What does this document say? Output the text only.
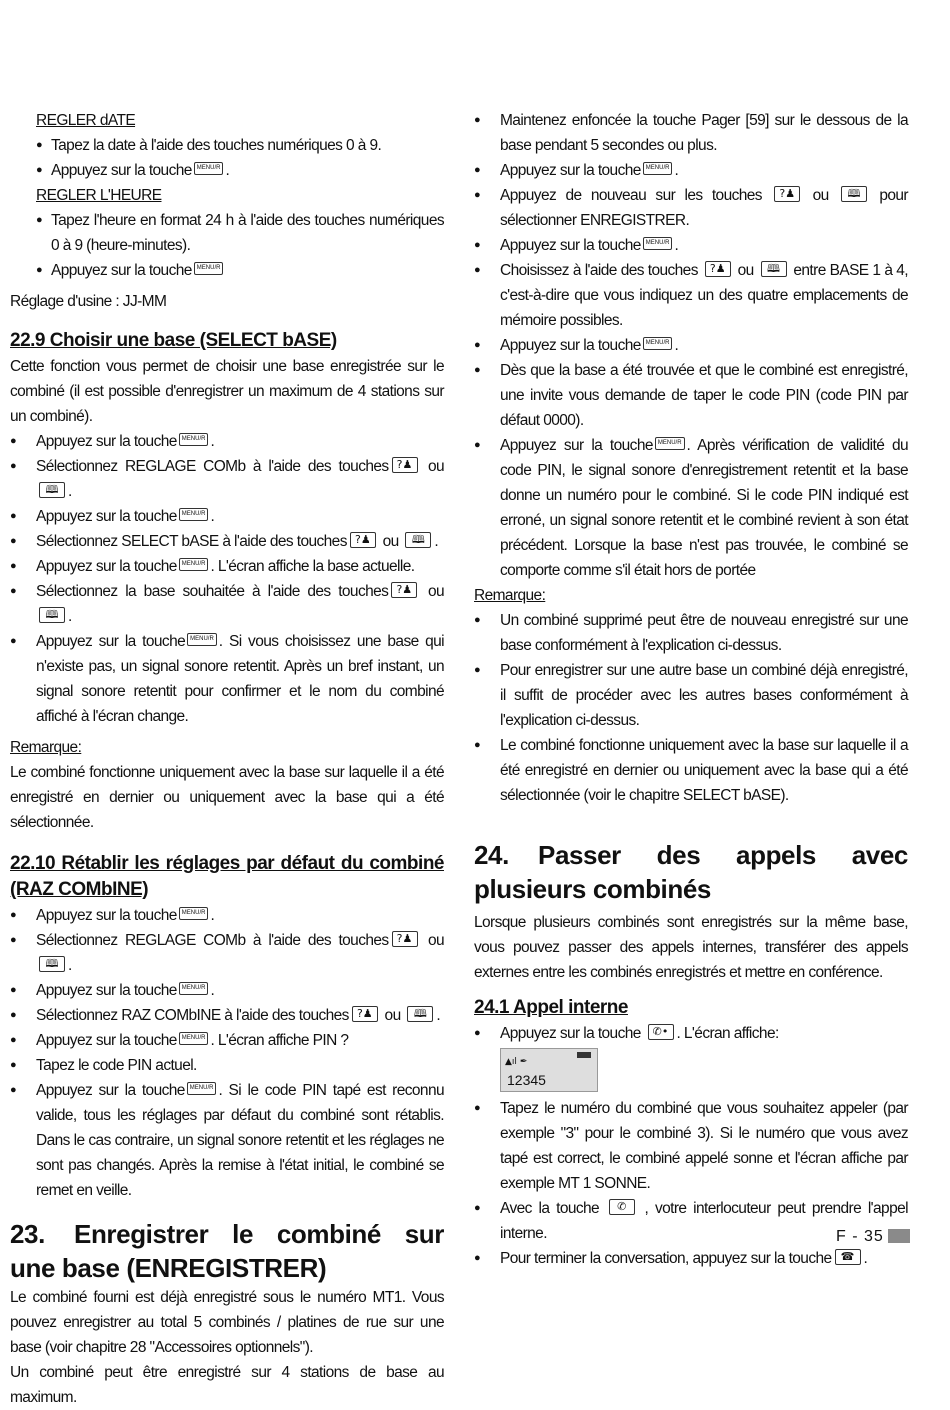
REGLER dATE

● Tapez la date à l'aide des touches numériques 0 à 9.
● Appuyez sur la touche MENU/R .

REGLER L'HEURE

● Tapez l'heure en format 24 h à l'aide des touches numériques 0 à 9 (heure-minutes).
● Appuyez sur la touche MENU/R

Réglage d'usine : JJ-MM

22.9 Choisir une base (SELECT bASE)

Cette fonction vous permet de choisir une base enregistrée sur le combiné (il est possible d'enregistrer un maximum de 4 stations sur un combiné).

● Appuyez sur la touche MENU/R .
● Sélectionnez REGLAGE COMb à l'aide des touches ?♟ ou 🕮 .
● Appuyez sur la touche MENU/R .
● Sélectionnez SELECT bASE à l'aide des touches ?♟ ou 🕮 .
● Appuyez sur la touche MENU/R . L'écran affiche la base actuelle.
● Sélectionnez la base souhaitée à l'aide des touches ?♟ ou 🕮 .
● Appuyez sur la touche MENU/R . Si vous choisissez une base qui n'existe pas, un signal sonore retentit. Après un bref instant, un signal sonore retentit pour confirmer et le nom du combiné affiché à l'écran change.

Remarque:

Le combiné fonctionne uniquement avec la base sur laquelle il a été enregistré en dernier ou uniquement avec la base qui a été sélectionnée.

22.10 Rétablir les réglages par défaut du combiné (RAZ COMbINE)
● Appuyez sur la touche MENU/R .
● Sélectionnez REGLAGE COMb à l'aide des touches ?♟ ou 🕮 .
● Appuyez sur la touche MENU/R .
● Sélectionnez RAZ COMbINE à l'aide des touches ?♟ ou 🕮 .
● Appuyez sur la touche MENU/R . L'écran affiche PIN ?
● Tapez le code PIN actuel.
● Appuyez sur la touche MENU/R . Si le code PIN tapé est reconnu valide, tous les réglages par défaut du combiné sont rétablis. Dans le cas contraire, un signal sonore retentit et les réglages ne sont pas changés. Après la remise à l'état initial, le combiné se remet en veille.
23. Enregistrer le combiné sur une base (ENREGISTRER)

Le combiné fourni est déjà enregistré sous le numéro MT1. Vous pouvez enregistrer au total 5 combinés / platines de rue sur une base (voir chapitre 28 "Accessoires optionnels").

Un combiné peut être enregistré sur 4 stations de base au maximum.

● Maintenez enfoncée la touche Pager [59] sur le dessous de la base pendant 5 secondes ou plus.
● Appuyez sur la touche MENU/R .
● Appuyez de nouveau sur les touches ?♟ ou 🕮 pour sélectionner ENREGISTRER.
● Appuyez sur la touche MENU/R .
● Choisissez à l'aide des touches ?♟ ou 🕮 entre BASE 1 à 4, c'est-à-dire que vous indiquez un des quatre emplacements de mémoire possibles.
● Appuyez sur la touche MENU/R .
● Dès que la base a été trouvée et que le combiné est enregistré, une invite vous demande de taper le code PIN (code PIN par défaut 0000).
● Appuyez sur la touche MENU/R . Après vérification de validité du code PIN, le signal sonore d'enregistrement retentit et la base donne un numéro pour le combiné. Si le code PIN indiqué est erroné, un signal sonore retentit et le combiné revient à son état précédent. Lorsque la base n'est pas trouvée, le combiné se comporte comme s'il était hors de portée

Remarque:

● Un combiné supprimé peut être de nouveau enregistré sur une base conformément à l'explication ci-dessus.
● Pour enregistrer sur une autre base un combiné déjà enregistré, il suffit de procéder avec les autres bases conformément à l'explication ci-dessus.
● Le combiné fonctionne uniquement avec la base sur laquelle il a été enregistré en dernier ou uniquement avec la base qui a été sélectionnée (voir le chapitre SELECT bASE).
24. Passer des appels avec plusieurs combinés

Lorsque plusieurs combinés sont enregistrés sur la même base, vous pouvez passer des appels internes, transférer des appels externes entre les combinés enregistrés et mettre en conférence.

24.1 Appel interne
● Appuyez sur la touche ✆• . L'écran affiche:
▲ıl ✒
12345
● Tapez le numéro du combiné que vous souhaitez appeler (par exemple "3" pour le combiné 3). Si le numéro que vous avez tapé est correct, le combiné appelé sonne et l'écran affiche par exemple MT 1 SONNE.
● Avec la touche ✆ , votre interlocuteur peut prendre l'appel interne.
● Pour terminer la conversation, appuyez sur la touche ☎ .
F - 35
